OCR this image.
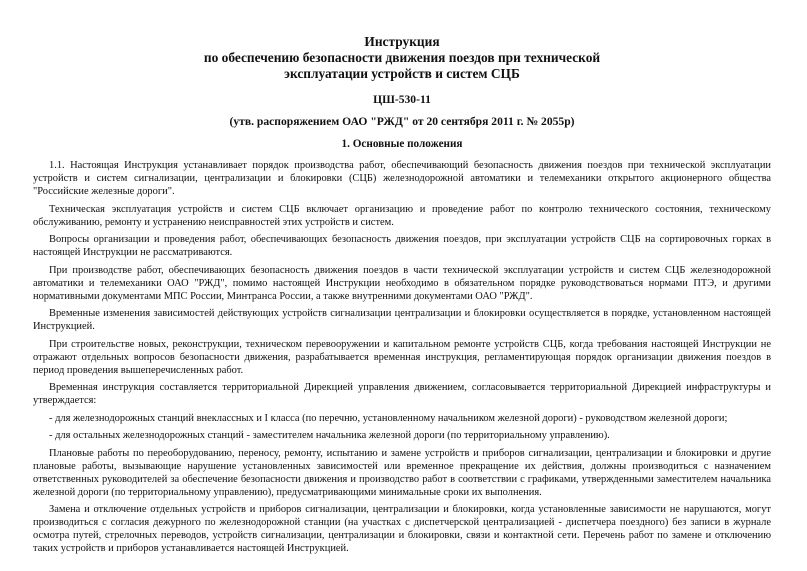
Инструкция
по обеспечению безопасности движения поездов при технической
эксплуатации устройств и систем СЦБ
ЦШ-530-11
(утв. распоряжением ОАО "РЖД" от 20 сентября 2011 г. № 2055р)
1. Основные положения

1.1. Настоящая Инструкция устанавливает порядок производства работ, обеспечивающий безопасность движения поездов при технической эксплуатации устройств и систем сигнализации, централизации и блокировки (СЦБ) железнодорожной автоматики и телемеханики открытого акционерного общества "Российские железные дороги".

Техническая эксплуатация устройств и систем СЦБ включает организацию и проведение работ по контролю технического состояния, техническому обслуживанию, ремонту и устранению неисправностей этих устройств и систем.

Вопросы организации и проведения работ, обеспечивающих безопасность движения поездов, при эксплуатации устройств СЦБ на сортировочных горках в настоящей Инструкции не рассматриваются.

При производстве работ, обеспечивающих безопасность движения поездов в части технической эксплуатации устройств и систем СЦБ железнодорожной автоматики и телемеханики ОАО "РЖД", помимо настоящей Инструкции необходимо в обязательном порядке руководствоваться нормами ПТЭ, и другими нормативными документами МПС России, Минтранса России, а также внутренними документами ОАО "РЖД".

Временные изменения зависимостей действующих устройств сигнализации централизации и блокировки осуществляется в порядке, установленном настоящей Инструкцией.

При строительстве новых, реконструкции, техническом перевооружении и капитальном ремонте устройств СЦБ, когда требования настоящей Инструкции не отражают отдельных вопросов безопасности движения, разрабатывается временная инструкция, регламентирующая порядок организации движения поездов в период проведения вышеперечисленных работ.

Временная инструкция составляется территориальной Дирекцией управления движением, согласовывается территориальной Дирекцией инфраструктуры и утверждается:

- для железнодорожных станций внеклассных и I класса (по перечню, установленному начальником железной дороги) - руководством железной дороги;

- для остальных железнодорожных станций - заместителем начальника железной дороги (по территориальному управлению).

Плановые работы по переоборудованию, переносу, ремонту, испытанию и замене устройств и приборов сигнализации, централизации и блокировки и другие плановые работы, вызывающие нарушение установленных зависимостей или временное прекращение их действия, должны производиться с назначением ответственных руководителей за обеспечение безопасности движения и производство работ в соответствии с графиками, утвержденными заместителем начальника железной дороги (по территориальному управлению), предусматривающими минимальные сроки их выполнения.

Замена и отключение отдельных устройств и приборов сигнализации, централизации и блокировки, когда установленные зависимости не нарушаются, могут производиться с согласия дежурного по железнодорожной станции (на участках с диспетчерской централизацией - диспетчера поездного) без записи в журнале осмотра путей, стрелочных переводов, устройств сигнализации, централизации и блокировки, связи и контактной сети. Перечень работ по замене и отключению таких устройств и приборов устанавливается настоящей Инструкцией.
